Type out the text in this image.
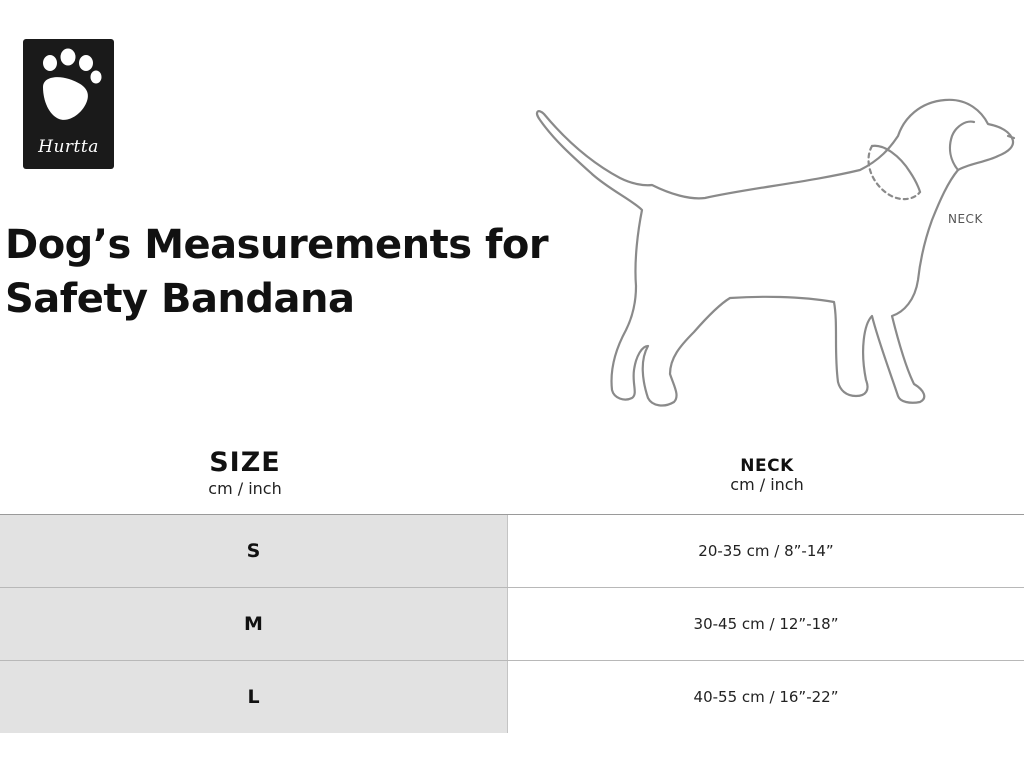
Hurtta
Dog’s Measurements for
Safety Bandana
NECK
SIZE
cm / inch
NECK
cm / inch
S	20-35 cm / 8”-14”
M	30-45 cm / 12”-18”
L	40-55 cm / 16”-22”
